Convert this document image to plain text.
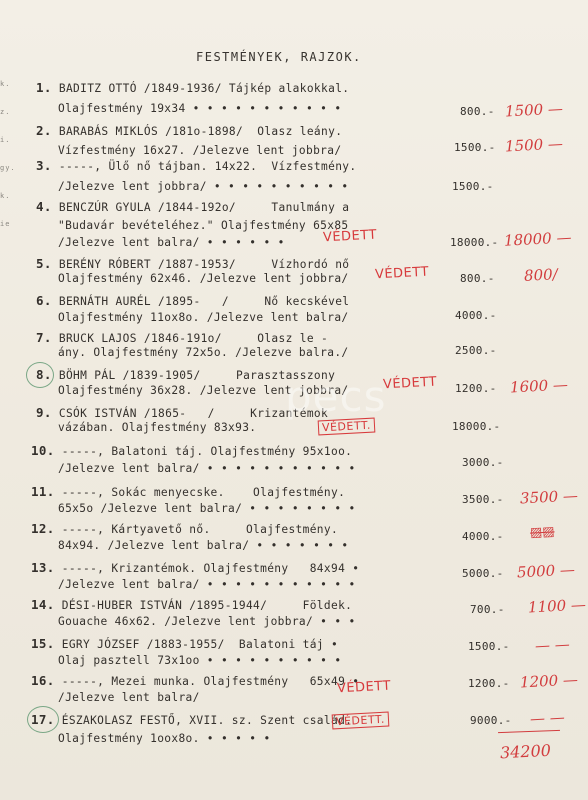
k.
z.
i.
gy.
k.
ie
FESTMÉNYEK, RAJZOK.
1. BADITZ OTTÓ /1849-1936/ Tájkép alakokkal.
Olajfestmény 19x34 • • • • • • • • • • •
2. BARABÁS MIKLÓS /181o-1898/  Olasz leány.
Vízfestmény 16x27. /Jelezve lent jobbra/
3. -----, Ülő nő tájban. 14x22.  Vízfestmény.
/Jelezve lent jobbra/ • • • • • • • • • •
4. BENCZÚR GYULA /1844-192o/     Tanulmány a
"Budavár bevételéhez." Olajfestmény 65x85
/Jelezve lent balra/ • • • • • •
5. BERÉNY RÓBERT /1887-1953/     Vízhordó nő
Olajfestmény 62x46. /Jelezve lent jobbra/
6. BERNÁTH AURÉL /1895-   /     Nő kecskével
Olajfestmény 11ox8o. /Jelezve lent balra/
7. BRUCK LAJOS /1846-191o/     Olasz le -
ány. Olajfestmény 72x5o. /Jelezve balra./
8. BÖHM PÁL /1839-1905/     Parasztasszony
Olajfestmény 36x28. /Jelezve lent jobbra/
9. CSÓK ISTVÁN /1865-   /     Krizantémok
vázában. Olajfestmény 83x93.
10. -----, Balatoni táj. Olajfestmény 95x1oo.
/Jelezve lent balra/ • • • • • • • • • • •
11. -----, Sokác menyecske.    Olajfestmény.
65x5o /Jelezve lent balra/ • • • • • • • •
12. -----, Kártyavető nő.     Olajfestmény.
84x94. /Jelezve lent balra/ • • • • • • •
13. -----, Krizantémok. Olajfestmény   84x94 •
/Jelezve lent balra/ • • • • • • • • • • •
14. DÉSI-HUBER ISTVÁN /1895-1944/     Földek.
Gouache 46x62. /Jelezve lent jobbra/ • • •
15. EGRY JÓZSEF /1883-1955/  Balatoni táj •
Olaj pasztell 73x1oo • • • • • • • • • •
16. -----, Mezei munka. Olajfestmény   65x49 •
/Jelezve lent balra/
17. ÉSZAKOLASZ FESTŐ, XVII. sz. Szent család.
Olajfestmény 1oox8o. • • • • •
800.-
1500.-
1500.-
18000.-
800.-
4000.-
2500.-
1200.-
18000.-
3000.-
3500.-
4000.-
5000.-
700.-
1500.-
1200.-
9000.-
1500 —
1500 —
18000 —
800/
1600 —
3500 —
5000 —
1100 —
— —
1200 —
— —
34200
▨▨
VÉDETT
VÉDETT
VÉDETT
VÉDETT.
VÉDETT
VÉDETT.
pecs
